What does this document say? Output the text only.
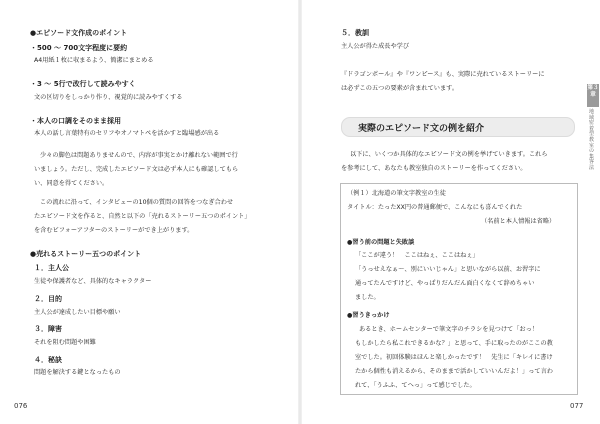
● エピソード文作成のポイント
・500 ～ 700文字程度に要約
A4用紙１枚に収まるよう、簡潔にまとめる
・3 ～ 5行で改行して読みやすく
文の区切りをしっかり作り、視覚的に読みやすくする
・本人の口調をそのまま採用
本人の話し言葉特有のセリフやオノマトペを活かすと臨場感が出る
少々の脚色は問題ありませんので、内容が事実とかけ離れない範囲で行
いましょう。ただし、完成したエピソード文は必ず本人にも確認してもら
い、同意を得てください。
この流れに沿って、インタビューの10個の質問の回答をつなぎ合わせ
たエピソード文を作ると、自然と以下の「売れるストーリー五つのポイント」
を含むビフォーアフターのストーリーができ上がります。
● 売れるストーリー五つのポイント
１．主人公
生徒や保護者など、具体的なキャラクター
２．目的
主人公が達成したい目標や願い
３．障害
それを阻む問題や困難
４．秘訣
問題を解決する鍵となったもの
076
５．教訓
主人公が得た成長や学び
『ドラゴンボール』や『ワンピース』も、実際に売れているストーリーに
は必ずこの五つの要素が含まれています。
実際のエピソード文の例を紹介
以下に、いくつか具体的なエピソード文の例を挙げていきます。これら
を参考にして、あなたも教室独自のストーリーを作ってください。
（例１）北海道の筆文字教室の生徒
タイトル：たったXX円の普通郵便で、こんなにも喜んでくれた
（名前と本人情報は省略）
● 習う前の問題と失敗談
「ここが違う！　ここはねぇ、ここはねぇ」
「うっせえなぁ～、別にいいじゃん」と思いながら以前、お習字に
通ってたんですけど、やっぱりだんだん面白くなくて辞めちゃい
ました。
● 習うきっかけ
あるとき、ホームセンターで筆文字のチラシを見つけて「おっ！
もしかしたら私これできるかな？」と思って、手に取ったのがここの教
室でした。初回体験はほんと楽しかったです！　先生に「キレイに書け
たから個性も消えるから、そのままで活かしていいんだよ！」って言わ
れて、「うふふ、てへっ」って感じでした。
第３章
地域密着型教室の集客法
077
